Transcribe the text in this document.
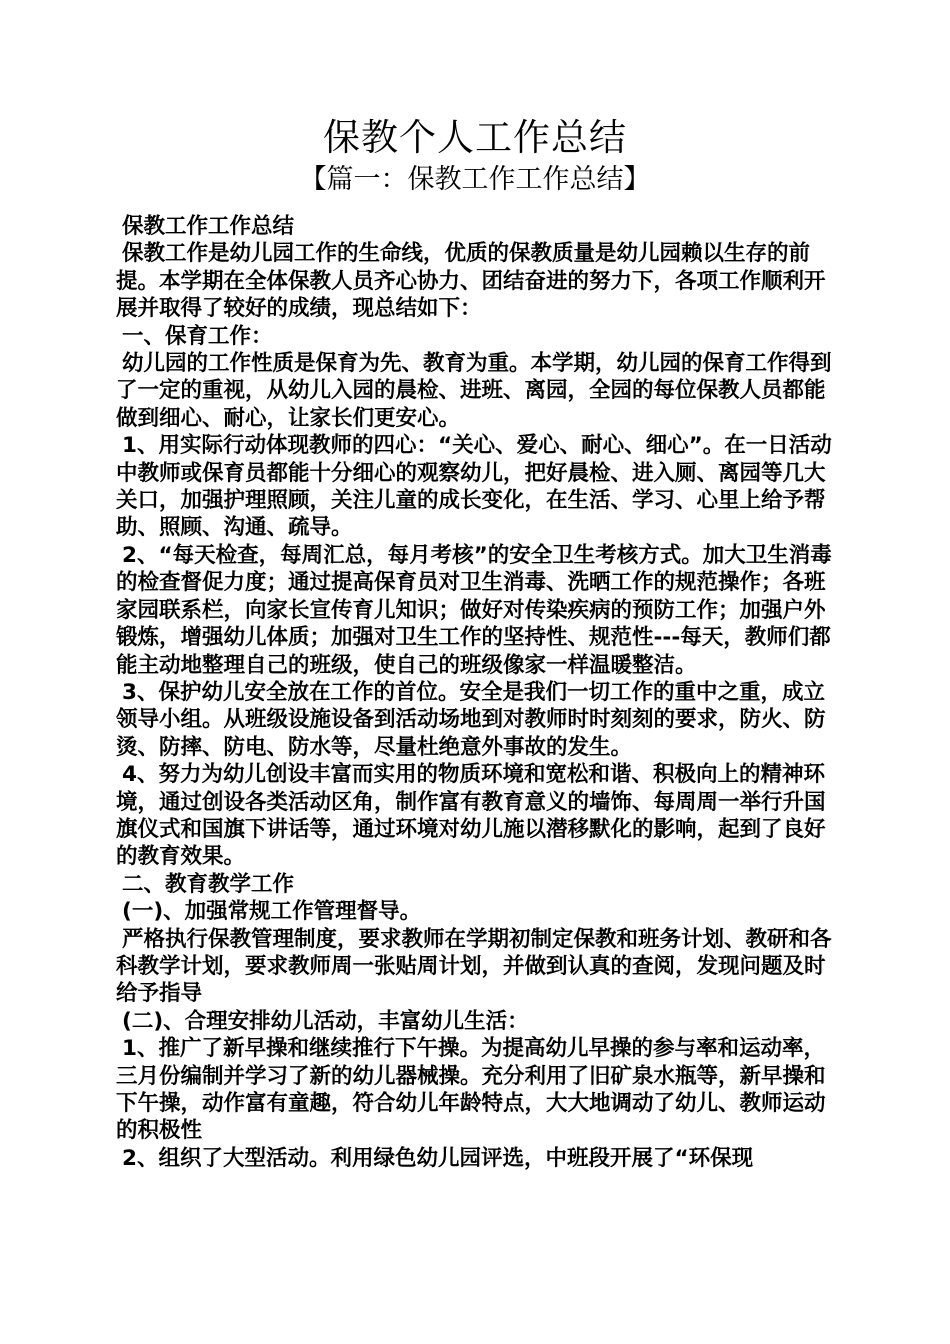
保教个人工作总结
【篇一：保教工作工作总结】

保教工作工作总结

保教工作是幼儿园工作的生命线，优质的保教质量是幼儿园赖以生存的前提。本学期在全体保教人员齐心协力、团结奋进的努力下，各项工作顺利开展并取得了较好的成绩，现总结如下：

一、保育工作：

幼儿园的工作性质是保育为先、教育为重。本学期，幼儿园的保育工作得到了一定的重视，从幼儿入园的晨检、进班、离园，全园的每位保教人员都能做到细心、耐心，让家长们更安心。

1、用实际行动体现教师的四心：“关心、爱心、耐心、细心”。在一日活动中教师或保育员都能十分细心的观察幼儿，把好晨检、进入厕、离园等几大关口，加强护理照顾，关注儿童的成长变化，在生活、学习、心里上给予帮助、照顾、沟通、疏导。

2、“每天检查，每周汇总，每月考核”的安全卫生考核方式。加大卫生消毒的检查督促力度；通过提高保育员对卫生消毒、洗晒工作的规范操作；各班家园联系栏，向家长宣传育儿知识；做好对传染疾病的预防工作；加强户外锻炼，增强幼儿体质；加强对卫生工作的坚持性、规范性---每天，教师们都能主动地整理自己的班级，使自己的班级像家一样温暖整洁。

3、保护幼儿安全放在工作的首位。安全是我们一切工作的重中之重，成立领导小组。从班级设施设备到活动场地到对教师时时刻刻的要求，防火、防烫、防摔、防电、防水等，尽量杜绝意外事故的发生。

4、努力为幼儿创设丰富而实用的物质环境和宽松和谐、积极向上的精神环境，通过创设各类活动区角，制作富有教育意义的墙饰、每周周一举行升国旗仪式和国旗下讲话等，通过环境对幼儿施以潜移默化的影响，起到了良好的教育效果。

二、教育教学工作

(一)、加强常规工作管理督导。

严格执行保教管理制度，要求教师在学期初制定保教和班务计划、教研和各科教学计划，要求教师周一张贴周计划，并做到认真的查阅，发现问题及时给予指导

(二)、合理安排幼儿活动，丰富幼儿生活：

1、推广了新早操和继续推行下午操。为提高幼儿早操的参与率和运动率，三月份编制并学习了新的幼儿器械操。充分利用了旧矿泉水瓶等，新早操和下午操，动作富有童趣，符合幼儿年龄特点，大大地调动了幼儿、教师运动的积极性

2、组织了大型活动。利用绿色幼儿园评选，中班段开展了“环保现
